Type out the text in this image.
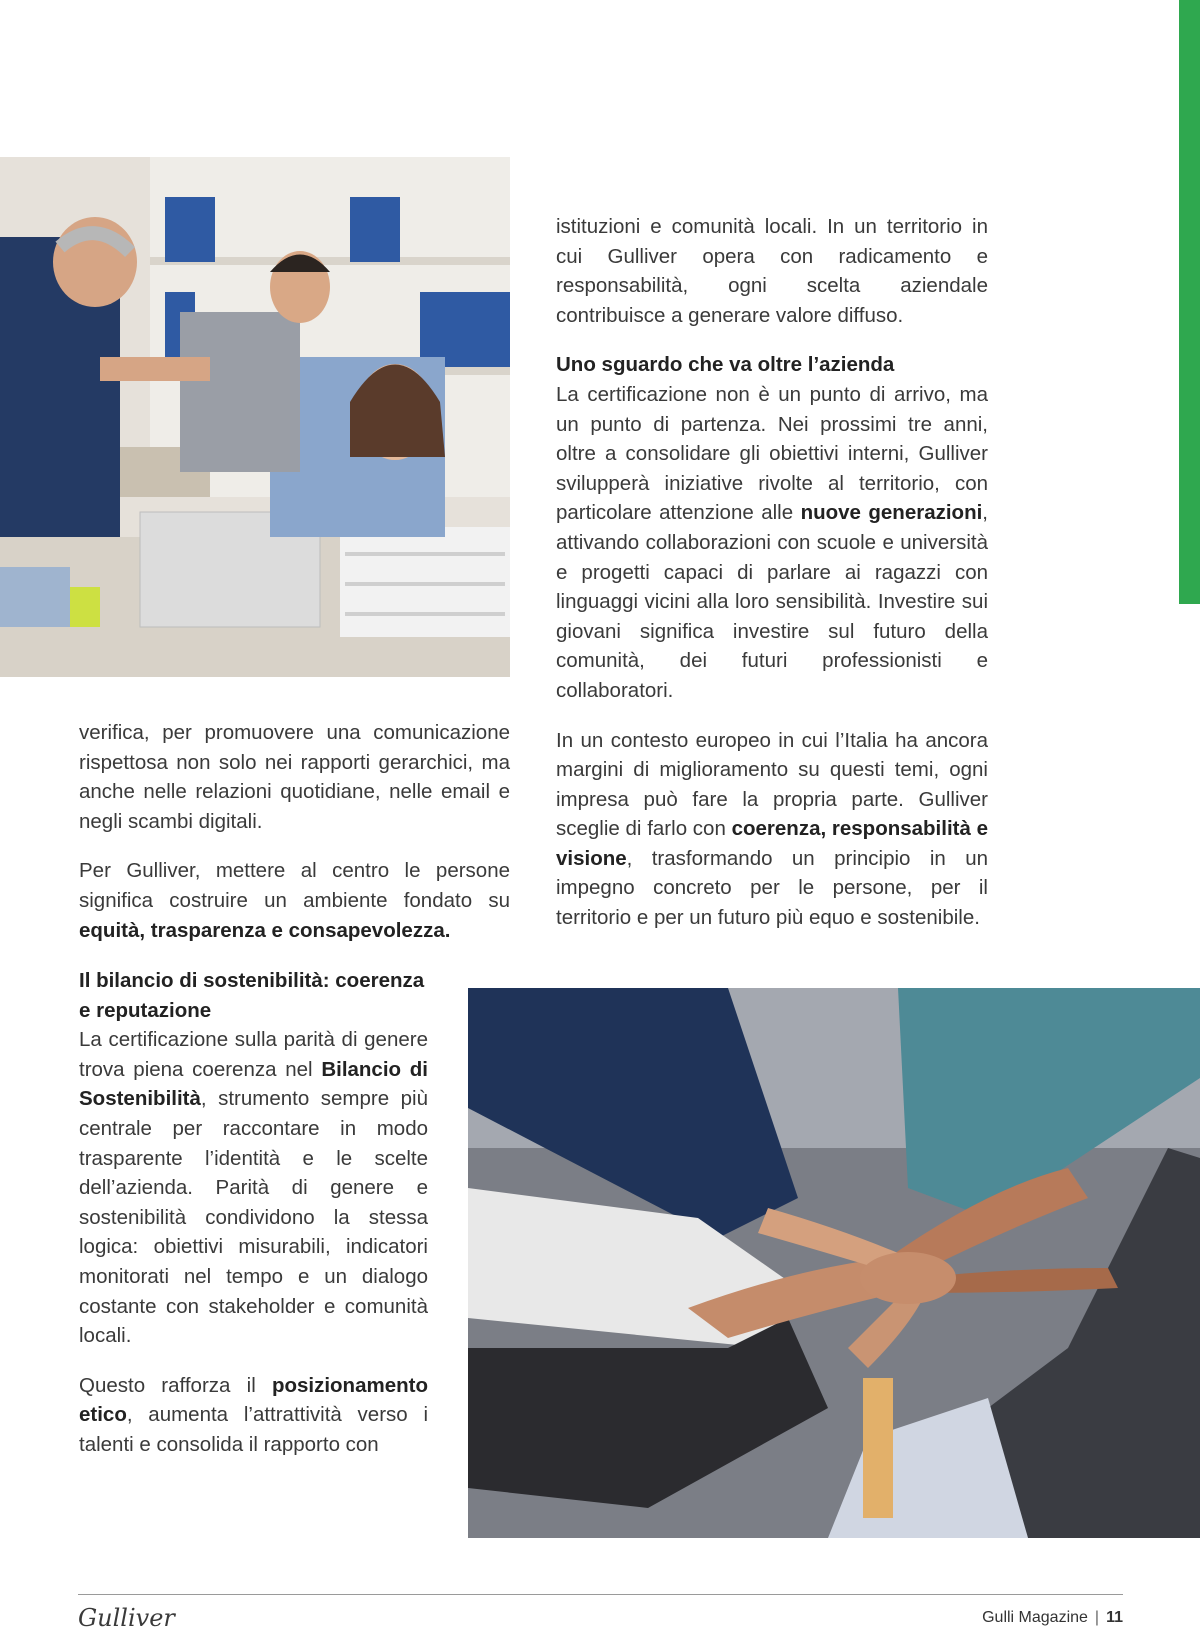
istituzioni e comunità locali. In un territorio in cui Gulliver opera con radicamento e responsabilità, ogni scelta aziendale contribuisce a generare valore diffuso.

Uno sguardo che va oltre l’azienda

La certificazione non è un punto di arrivo, ma un punto di partenza. Nei prossimi tre anni, oltre a consolidare gli obiettivi interni, Gulliver svilupperà iniziative rivolte al territorio, con particolare attenzione alle nuove generazioni, attivando collaborazioni con scuole e università e progetti capaci di parlare ai ragazzi con linguaggi vicini alla loro sensibilità. Investire sui giovani significa investire sul futuro della comunità, dei futuri professionisti e collaboratori.

In un contesto europeo in cui l’Italia ha ancora margini di miglioramento su questi temi, ogni impresa può fare la propria parte. Gulliver sceglie di farlo con coerenza, responsabilità e visione, trasformando un principio in un impegno concreto per le persone, per il territorio e per un futuro più equo e sostenibile.

verifica, per promuovere una comunicazione rispettosa non solo nei rapporti gerarchici, ma anche nelle relazioni quotidiane, nelle email e negli scambi digitali.

Per Gulliver, mettere al centro le persone significa costruire un ambiente fondato su equità, trasparenza e consapevolezza.

Il bilancio di sostenibilità: coerenza e reputazione

La certificazione sulla parità di genere trova piena coerenza nel Bilancio di Sostenibilità, strumento sempre più centrale per raccontare in modo trasparente l’identità e le scelte dell’azienda. Parità di genere e sostenibilità condividono la stessa logica: obiettivi misurabili, indicatori monitorati nel tempo e un dialogo costante con stakeholder e comunità locali.

Questo rafforza il posizionamento etico, aumenta l’attrattività verso i talenti e consolida il rapporto con

Gulliver	Gulli Magazine | 11
